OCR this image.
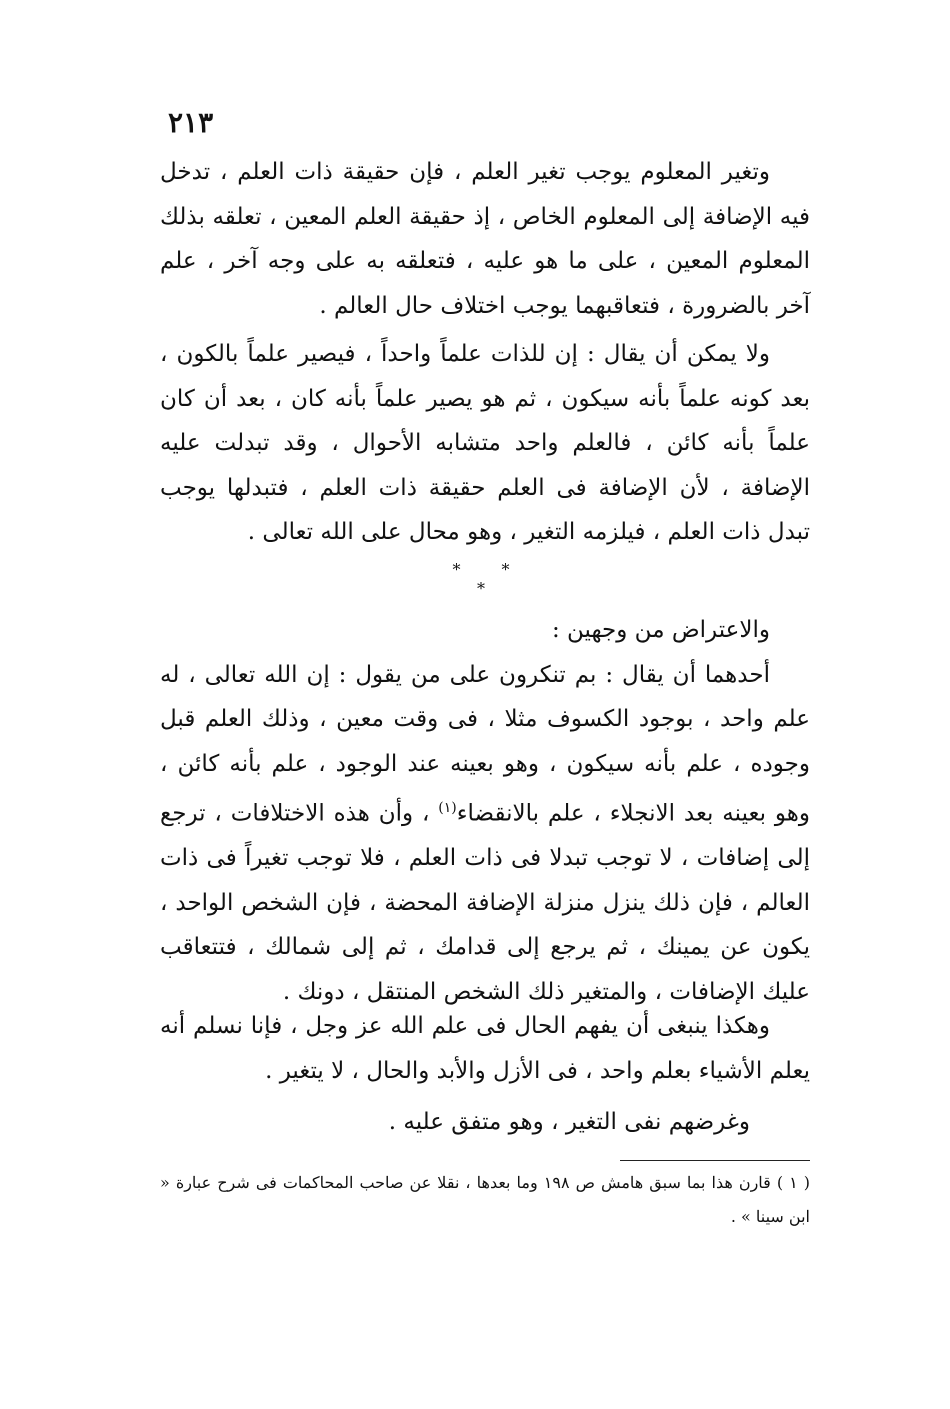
٢١٣

وتغير المعلوم يوجب تغير العلم ، فإن حقيقة ذات العلم ، تدخل فيه الإضافة إلى المعلوم الخاص ، إذ حقيقة العلم المعين ، تعلقه بذلك المعلوم المعين ، على ما هو عليه ، فتعلقه به على وجه آخر ، علم آخر بالضرورة ، فتعاقبهما يوجب اختلاف حال العالم .

ولا يمكن أن يقال : إن للذات علماً واحداً ، فيصير علماً بالكون ، بعد كونه علماً بأنه سيكون ، ثم هو يصير علماً بأنه كان ، بعد أن كان علماً بأنه كائن ، فالعلم واحد متشابه الأحوال ، وقد تبدلت عليه الإضافة ، لأن الإضافة فى العلم حقيقة ذات العلم ، فتبدلها يوجب تبدل ذات العلم ، فيلزمه التغير ، وهو محال على الله تعالى .

* * *

والاعتراض من وجهين :

أحدهما أن يقال : بم تنكرون على من يقول : إن الله تعالى ، له علم واحد ، بوجود الكسوف مثلا ، فى وقت معين ، وذلك العلم قبل وجوده ، علم بأنه سيكون ، وهو بعينه عند الوجود ، علم بأنه كائن ، وهو بعينه بعد الانجلاء ، علم بالانقضاء$^{(١)}$ ، وأن هذه الاختلافات ، ترجع إلى إضافات ، لا توجب تبدلا فى ذات العلم ، فلا توجب تغيراً فى ذات العالم ، فإن ذلك ينزل منزلة الإضافة المحضة ، فإن الشخص الواحد ، يكون عن يمينك ، ثم يرجع إلى قدامك ، ثم إلى شمالك ، فتتعاقب عليك الإضافات ، والمتغير ذلك الشخص المنتقل ، دونك .

وهكذا ينبغى أن يفهم الحال فى علم الله عز وجل ، فإنا نسلم أنه يعلم الأشياء بعلم واحد ، فى الأزل والأبد والحال ، لا يتغير .

وغرضهم نفى التغير ، وهو متفق عليه .

( ١ ) قارن هذا بما سبق هامش ص ١٩٨ وما بعدها ، نقلا عن صاحب المحاكمات فى شرح عبارة « ابن سينا » .
